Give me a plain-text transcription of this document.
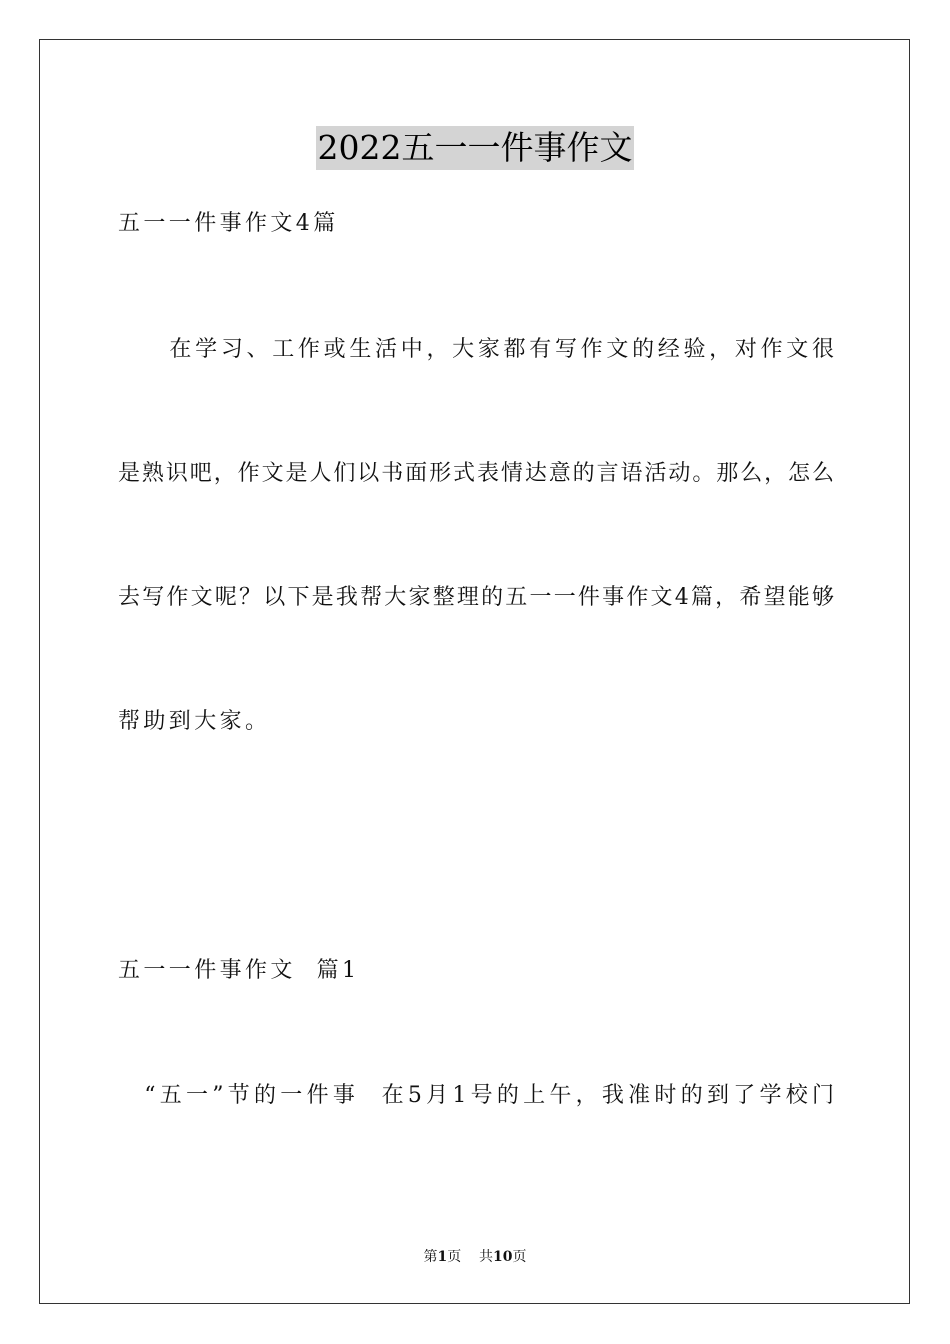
2022五一一件事作文
五一一件事作文4篇
　　在学习、工作或生活中，大家都有写作文的经验，对作文很
是熟识吧，作文是人们以书面形式表情达意的言语活动。那么，怎么
去写作文呢？以下是我帮大家整理的五一一件事作文4篇，希望能够
帮助到大家。
五一一件事作文  篇1
　“五一”节的一件事  在5月1号的上午，我准时的到了学校门
第1页 共10页
